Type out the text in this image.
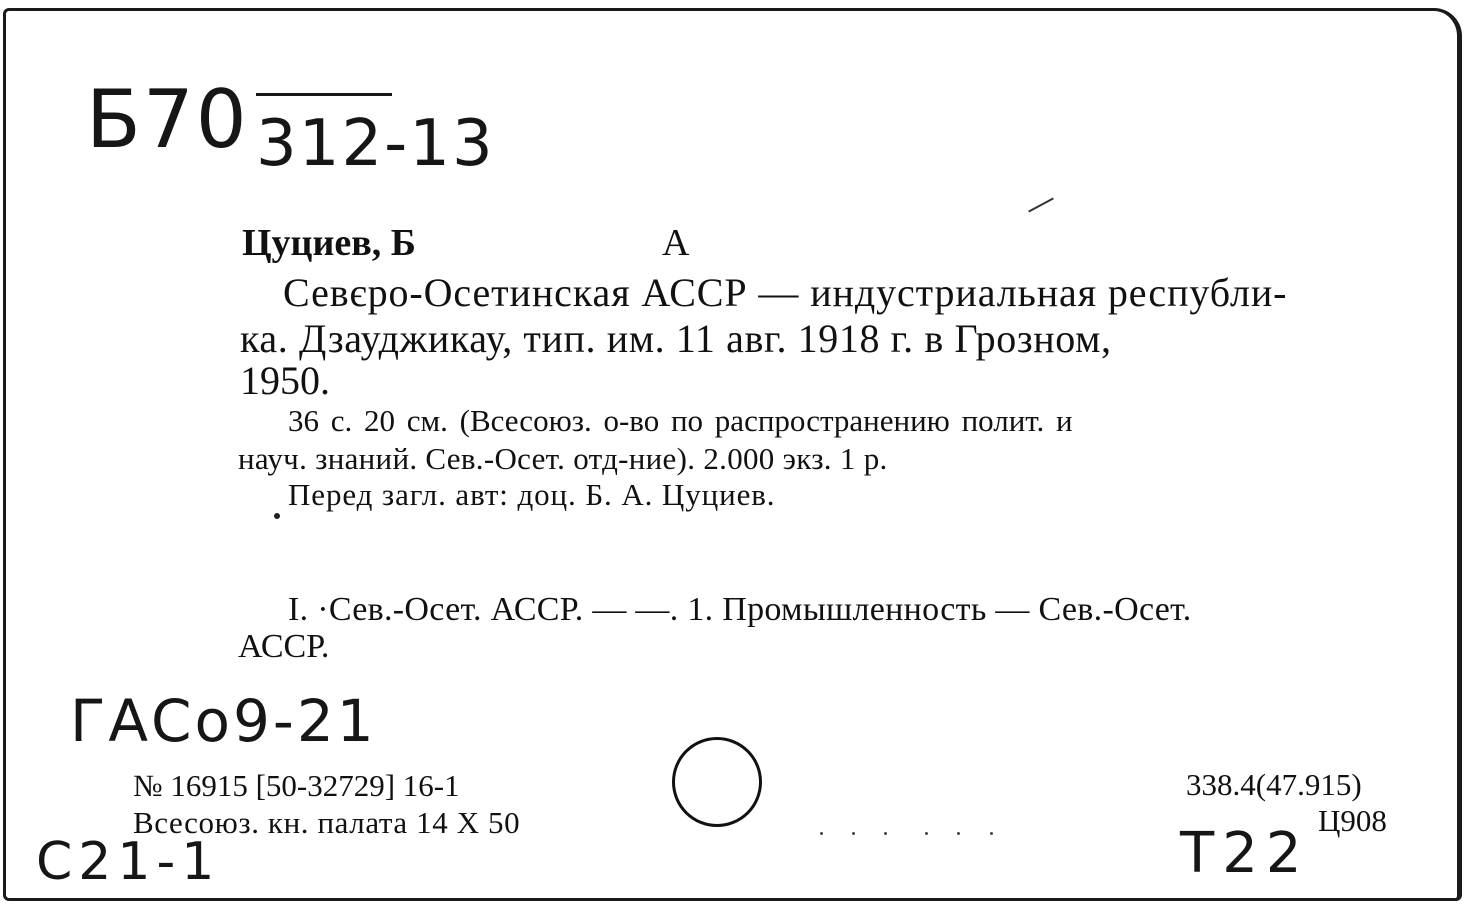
Б70 312-13
Цуциев, Б	А
Севєро-Осетинская АССР — индустриальная республи-
ка. Дзауджикау, тип. им. 11 авг. 1918 г. в Грозном,
1950.
36 с. 20 см. (Всесоюз. о-во по распространению полит. и
науч. знаний. Сев.-Осет. отд-ние). 2.000 экз. 1 р.
Перед загл. авт: доц. Б. А. Цуциев.
I. ·Сев.-Осет. АССР. — —. 1. Промышленность — Сев.-Осет.
АССР.
ГАСо9-21
№ 16915 [50-32729] 16-1
Всесоюз. кн. палата 14 X 50
338.4(47.915)
Ц908
С21-1	Т22
